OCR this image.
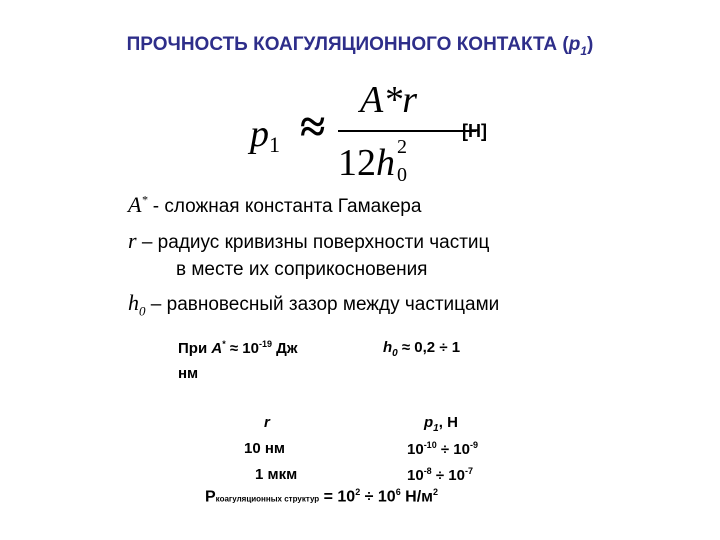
ПРОЧНОСТЬ КОАГУЛЯЦИОННОГО КОНТАКТА $(p_1)$
$p_1$ ≈
A*r
12h $^2$0
[Н]
A* - сложная константа Гамакера
r – радиус кривизны поверхности частиц
в месте их соприкосновения
$h_0$ – равновесный зазор между частицами
При $A^* \approx 10^{-19}$ Дж	$h_0 \approx 0,2 \div 1$
нм
r	$p_1$, Н
10 нм	$10^{-10} \div 10^{-9}$
1 мкм	$10^{-8} \div 10^{-7}$
Pкоагуляционных структур = $10^2 \div 10^6$ $Н/м^2$
